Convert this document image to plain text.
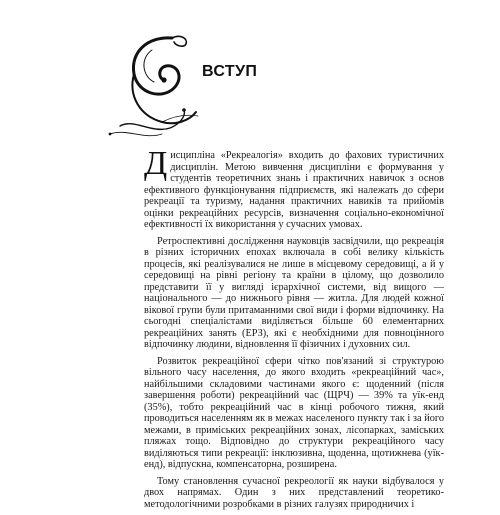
ВСТУП

Дисципліна «Рекреалогія» входить до фахових туристичних дисциплін. Метою вивчення дисципліни є формування у студентів теоретичних знань і практичних навичок з основ ефективного функціонування підприємств, які належать до сфери рекреації та туризму, надання практичних навиків та прийомів оцінки рекреаційних ресурсів, визначення соціально-економічної ефективності їх використання у сучасних умовах.

Ретроспективні дослідження науковців засвідчили, що рекреація в різних історичних епохах включала в собі велику кількість процесів, які реалізувалися не лише в місцевому середовищі, а й у середовищі на рівні регіону та країни в цілому, що дозволило представити її у вигляді ієрархічної системи, від вищого — національного — до нижнього рівня — житла. Для людей кожної вікової групи були притаманними свої види і форми відпочинку. На сьогодні спеціалістами виділяється більше 60 елементарних рекреаційних занять (ЕРЗ), які є необхідними для повноцінного відпочинку людини, відновлення її фізичних і духовних сил.

Розвиток рекреаційної сфери чітко пов'язаний зі структурою вільного часу населення, до якого входить «рекреаційний час», найбільшими складовими частинами якого є: щоденний (після завершення роботи) рекреаційний час (ЩРЧ) — 39% та уїк-енд (35%), тобто рекреаційний час в кінці робочого тижня, який проводиться населенням як в межах населеного пункту так і за його межами, в приміських рекреаційних зонах, лісопарках, заміських пляжах тощо. Відповідно до структури рекреаційного часу виділяються типи рекреації: інклюзивна, щоденна, щотижнева (уїк-енд), відпускна, компенсаторна, розширена.

Тому становлення сучасної рекреології як науки відбувалося у двох напрямах. Один з них представлений теоретико-методологічними розробками в різних галузях природничих і
